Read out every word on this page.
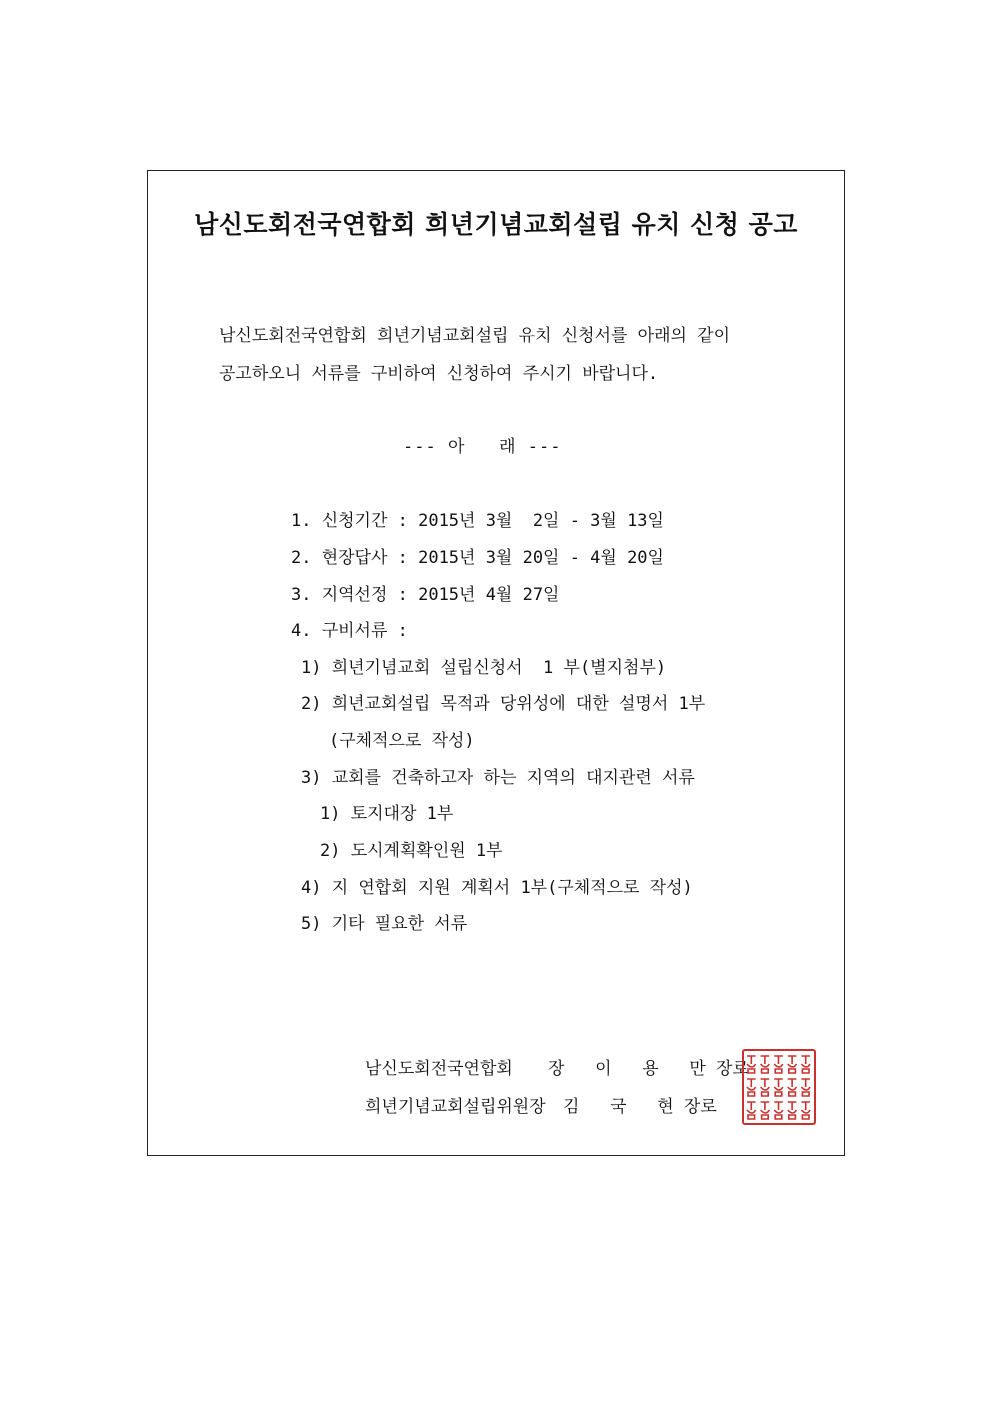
남신도회전국연합회 희년기념교회설립 유치 신청 공고
남신도회전국연합회 희년기념교회설립 유치 신청서를 아래의 같이
공고하오니 서류를 구비하여 신청하여 주시기 바랍니다.
--- 아   래 ---
1. 신청기간 : 2015년 3월  2일 - 3월 13일
2. 현장답사 : 2015년 3월 20일 - 4월 20일
3. 지역선정 : 2015년 4월 27일
4. 구비서류 :
1) 희년기념교회 설립신청서  1 부(별지첨부)
2) 희년교회설립 목적과 당위성에 대한 설명서 1부
(구체적으로 작성)
3) 교회를 건축하고자 하는 지역의 대지관련 서류
1) 토지대장 1부
2) 도시계획확인원 1부
4) 지 연합회 지원 계획서 1부(구체적으로 작성)
5) 기타 필요한 서류
남신도회전국연합회 장   이   용   만 장로
희년기념교회설립위원장 김   국   현 장로
